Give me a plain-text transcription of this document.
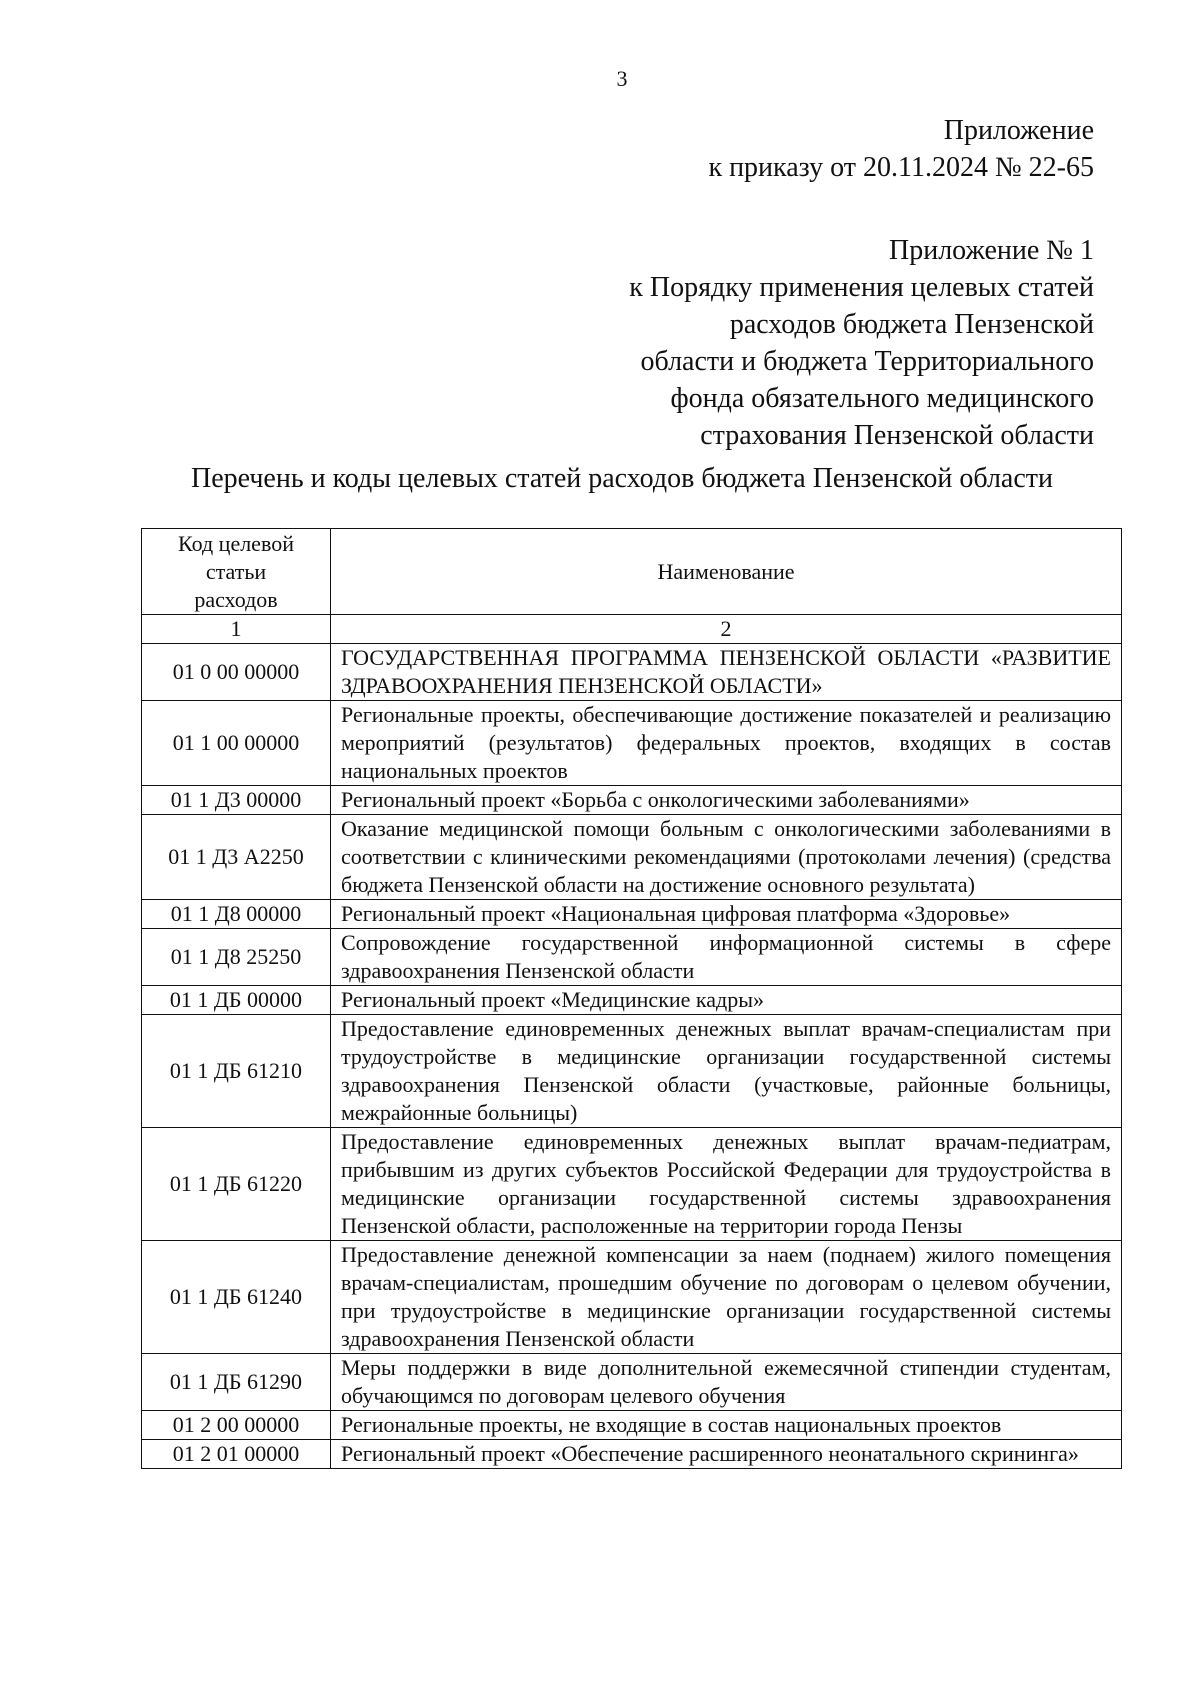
3
Приложение
к приказу от 20.11.2024 № 22-65
Приложение № 1
к Порядку применения целевых статей
расходов бюджета Пензенской
области и бюджета Территориального
фонда обязательного медицинского
страхования Пензенской области
Перечень и коды целевых статей расходов бюджета Пензенской области
Код целевой
статьи
расходов	Наименование
1	2
01 0 00 00000	ГОСУДАРСТВЕННАЯ ПРОГРАММА ПЕНЗЕНСКОЙ ОБЛАСТИ «РАЗВИТИЕ ЗДРАВООХРАНЕНИЯ ПЕНЗЕНСКОЙ ОБЛАСТИ»
01 1 00 00000	Региональные проекты, обеспечивающие достижение показателей и реализацию мероприятий (результатов) федеральных проектов, входящих в состав национальных проектов
01 1 Д3 00000	Региональный проект «Борьба с онкологическими заболеваниями»
01 1 Д3 А2250	Оказание медицинской помощи больным с онкологическими заболеваниями в соответствии с клиническими рекомендациями (протоколами лечения) (средства бюджета Пензенской области на достижение основного результата)
01 1 Д8 00000	Региональный проект «Национальная цифровая платформа «Здоровье»
01 1 Д8 25250	Сопровождение государственной информационной системы в сфере здравоохранения Пензенской области
01 1 ДБ 00000	Региональный проект «Медицинские кадры»
01 1 ДБ 61210	Предоставление единовременных денежных выплат врачам-специалистам при трудоустройстве в медицинские организации государственной системы здравоохранения Пензенской области (участковые, районные больницы, межрайонные больницы)
01 1 ДБ 61220	Предоставление единовременных денежных выплат врачам-педиатрам, прибывшим из других субъектов Российской Федерации для трудоустройства в медицинские организации государственной системы здравоохранения Пензенской области, расположенные на территории города Пензы
01 1 ДБ 61240	Предоставление денежной компенсации за наем (поднаем) жилого помещения врачам-специалистам, прошедшим обучение по договорам о целевом обучении, при трудоустройстве в медицинские организации государственной системы здравоохранения Пензенской области
01 1 ДБ 61290	Меры поддержки в виде дополнительной ежемесячной стипендии студентам, обучающимся по договорам целевого обучения
01 2 00 00000	Региональные проекты, не входящие в состав национальных проектов
01 2 01 00000	Региональный проект «Обеспечение расширенного неонатального скрининга»
